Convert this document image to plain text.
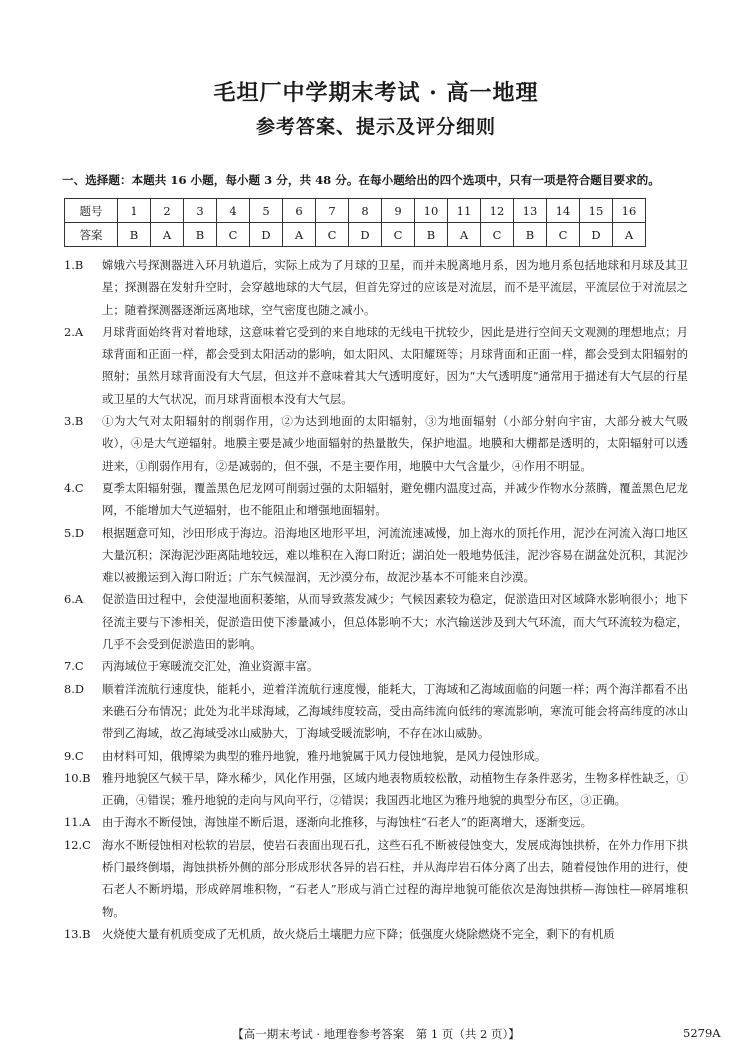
毛坦厂中学期末考试 · 高一地理
参考答案、提示及评分细则
一、选择题：本题共 16 小题，每小题 3 分，共 48 分。在每小题给出的四个选项中，只有一项是符合题目要求的。
题号	1	2	3	4	5	6	7	8	9	10	11	12	13	14	15	16
答案	B	A	B	C	D	A	C	D	C	B	A	C	B	C	D	A
1.B 嫦娥六号探测器进入环月轨道后，实际上成为了月球的卫星，而并未脱离地月系，因为地月系包括地球和月球及其卫星；探测器在发射升空时，会穿越地球的大气层，但首先穿过的应该是对流层，而不是平流层，平流层位于对流层之上；随着探测器逐渐远离地球，空气密度也随之减小。
2.A 月球背面始终背对着地球，这意味着它受到的来自地球的无线电干扰较少，因此是进行空间天文观测的理想地点；月球背面和正面一样，都会受到太阳活动的影响，如太阳风、太阳耀斑等；月球背面和正面一样，都会受到太阳辐射的照射；虽然月球背面没有大气层，但这并不意味着其大气透明度好，因为“大气透明度”通常用于描述有大气层的行星或卫星的大气状况，而月球背面根本没有大气层。
3.B ①为大气对太阳辐射的削弱作用，②为达到地面的太阳辐射，③为地面辐射（小部分射向宇宙，大部分被大气吸收），④是大气逆辐射。地膜主要是减少地面辐射的热量散失，保护地温。地膜和大棚都是透明的，太阳辐射可以透进来，①削弱作用有，②是减弱的，但不强，不是主要作用，地膜中大气含量少，④作用不明显。
4.C 夏季太阳辐射强，覆盖黑色尼龙网可削弱过强的太阳辐射，避免棚内温度过高，并减少作物水分蒸腾，覆盖黑色尼龙网，不能增加大气逆辐射，也不能阻止和增强地面辐射。
5.D 根据题意可知，沙田形成于海边。沿海地区地形平坦，河流流速减慢，加上海水的顶托作用，泥沙在河流入海口地区大量沉积；深海泥沙距离陆地较远，难以堆积在入海口附近；湖泊处一般地势低洼，泥沙容易在湖盆处沉积，其泥沙难以被搬运到入海口附近；广东气候湿润，无沙漠分布，故泥沙基本不可能来自沙漠。
6.A 促淤造田过程中，会使湿地面积萎缩，从而导致蒸发减少；气候因素较为稳定，促淤造田对区域降水影响很小；地下径流主要与下渗相关，促淤造田使下渗量减小，但总体影响不大；水汽输送涉及到大气环流，而大气环流较为稳定，几乎不会受到促淤造田的影响。
7.C 丙海域位于寒暖流交汇处，渔业资源丰富。
8.D 顺着洋流航行速度快，能耗小，逆着洋流航行速度慢，能耗大，丁海域和乙海域面临的问题一样；两个海洋都看不出来礁石分布情况；此处为北半球海域，乙海域纬度较高，受由高纬流向低纬的寒流影响，寒流可能会将高纬度的冰山带到乙海域，故乙海域受冰山威胁大，丁海域受暖流影响，不存在冰山威胁。
9.C 由材料可知，俄博梁为典型的雅丹地貌，雅丹地貌属于风力侵蚀地貌，是风力侵蚀形成。
10.B 雅丹地貌区气候干旱，降水稀少，风化作用强，区域内地表物质较松散，动植物生存条件恶劣，生物多样性缺乏，①正确，④错误；雅丹地貌的走向与风向平行，②错误；我国西北地区为雅丹地貌的典型分布区，③正确。
11.A 由于海水不断侵蚀，海蚀崖不断后退，逐渐向北推移，与海蚀柱“石老人”的距离增大，逐渐变远。
12.C 海水不断侵蚀相对松软的岩层，使岩石表面出现石孔，这些石孔不断被侵蚀变大，发展成海蚀拱桥，在外力作用下拱桥门最终倒塌，海蚀拱桥外侧的部分形成形状各异的岩石柱，并从海岸岩石体分离了出去，随着侵蚀作用的进行，使石老人不断坍塌，形成碎屑堆积物，“石老人”形成与消亡过程的海岸地貌可能依次是海蚀拱桥—海蚀柱—碎屑堆积物。
13.B 火烧使大量有机质变成了无机质，故火烧后土壤肥力应下降；低强度火烧除燃烧不完全，剩下的有机质
【高一期末考试 · 地理卷参考答案　第 1 页（共 2 页）】	5279A
